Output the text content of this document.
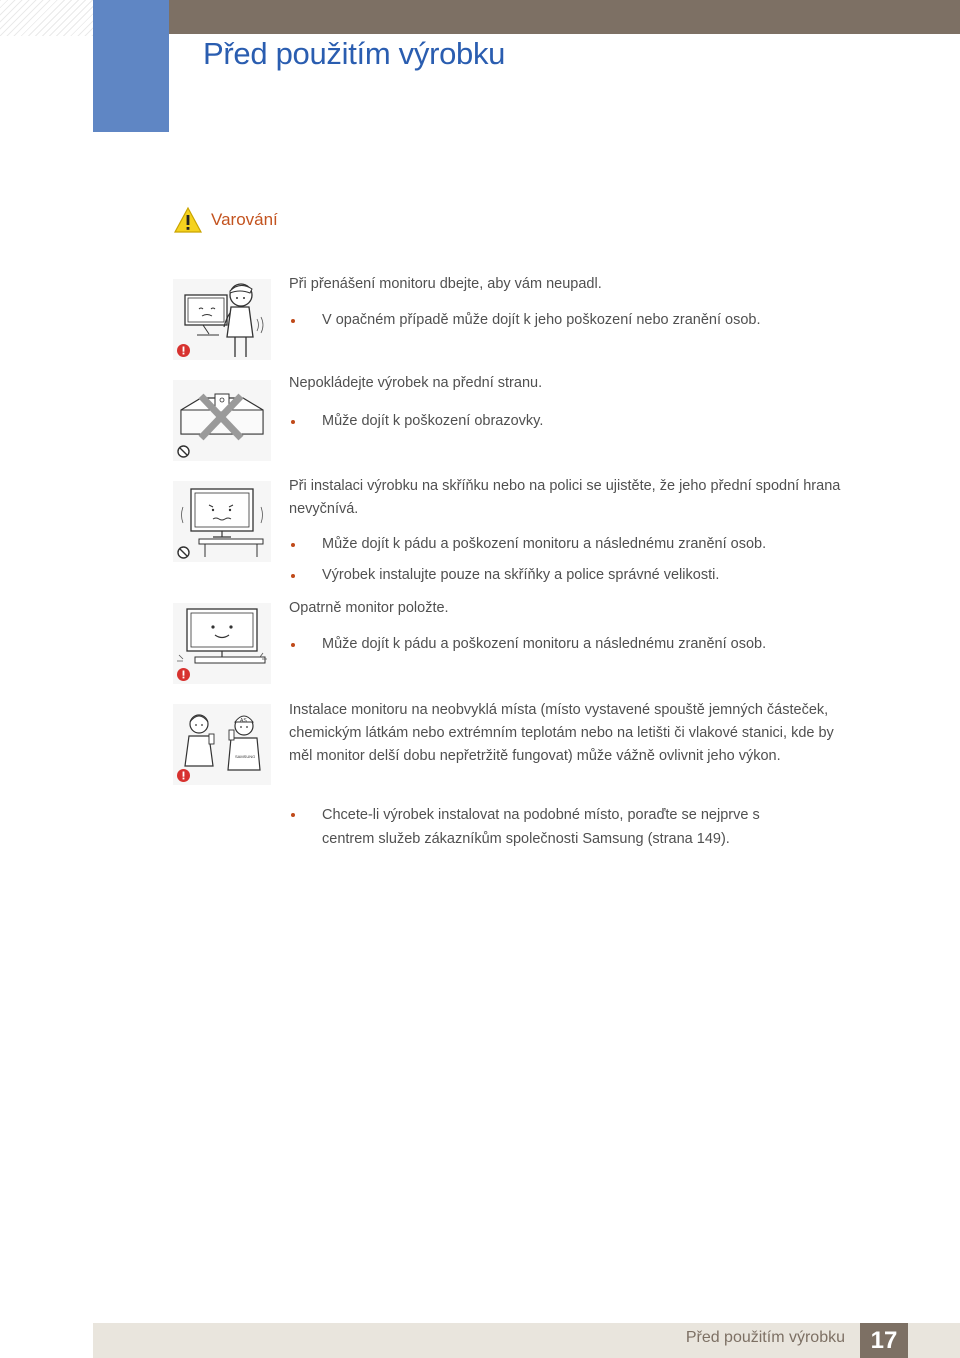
Před použitím výrobku
Varování

Při přenášení monitoru dbejte, aby vám neupadl.

V opačném případě může dojít k jeho poškození nebo zranění osob.

Nepokládejte výrobek na přední stranu.

Může dojít k poškození obrazovky.

Při instalaci výrobku na skříňku nebo na polici se ujistěte, že jeho přední spodní hrana nevyčnívá.

Může dojít k pádu a poškození monitoru a následnému zranění osob.

Výrobek instalujte pouze na skříňky a police správné velikosti.

Opatrně monitor položte.

Může dojít k pádu a poškození monitoru a následnému zranění osob.

AS
SAMSUNG

Instalace monitoru na neobvyklá místa (místo vystavené spouště jemných částeček, chemickým látkám nebo extrémním teplotám nebo na letišti či vlakové stanici, kde by měl monitor delší dobu nepřetržitě fungovat) může vážně ovlivnit jeho výkon.

Chcete-li výrobek instalovat na podobné místo, poraďte se nejprve s centrem služeb zákazníkům společnosti Samsung (strana 149).

Před použitím výrobku	17
